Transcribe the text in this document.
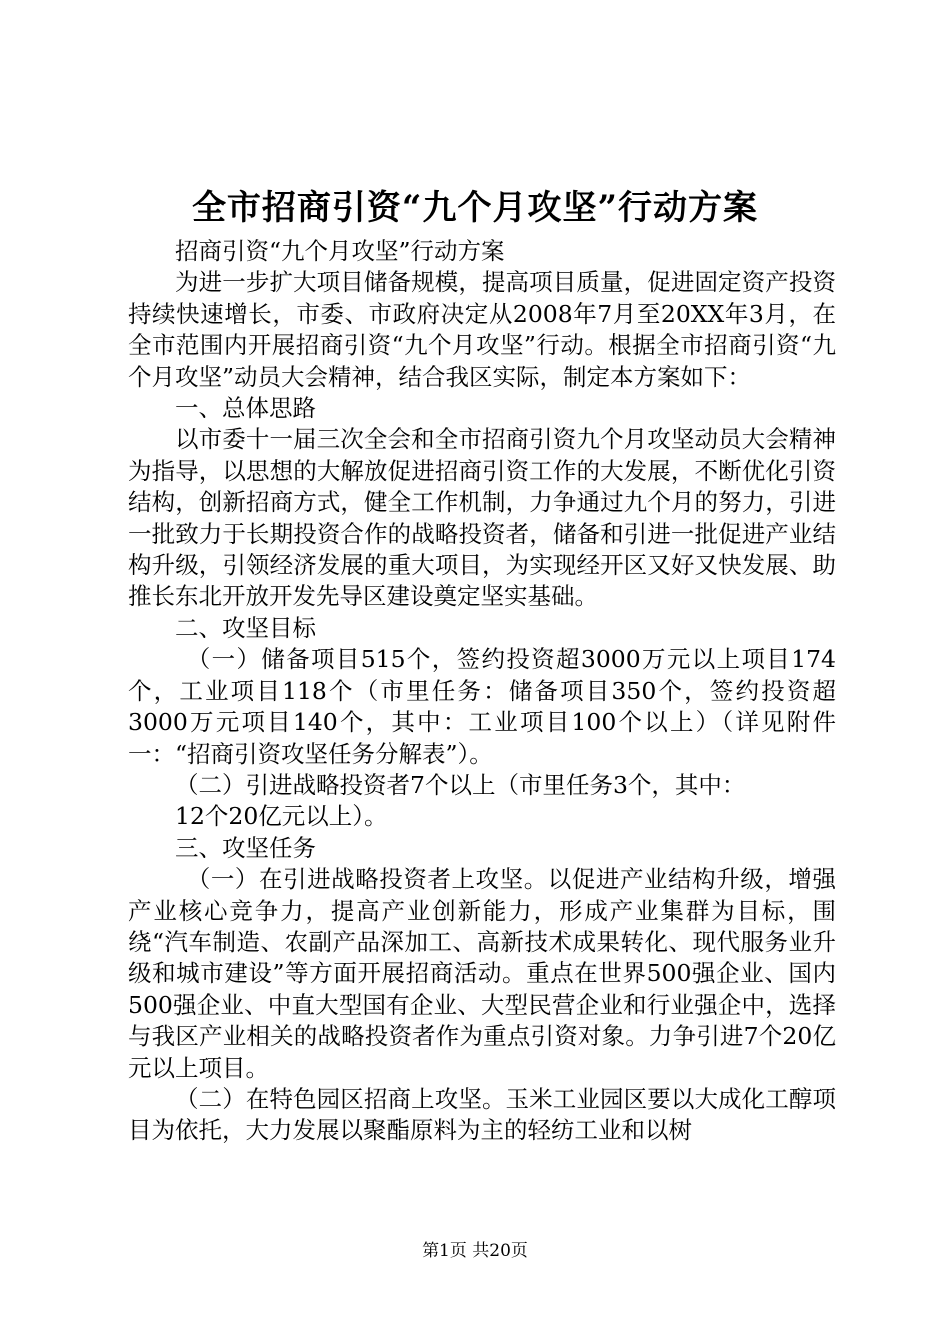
全市招商引资“九个月攻坚”行动方案

招商引资“九个月攻坚”行动方案

为进一步扩大项目储备规模，提高项目质量，促进固定资产投资持续快速增长，市委、市政府决定从2008年7月至20XX年3月，在全市范围内开展招商引资“九个月攻坚”行动。根据全市招商引资“九个月攻坚”动员大会精神，结合我区实际，制定本方案如下：

一、总体思路

以市委十一届三次全会和全市招商引资九个月攻坚动员大会精神为指导，以思想的大解放促进招商引资工作的大发展，不断优化引资结构，创新招商方式，健全工作机制，力争通过九个月的努力，引进一批致力于长期投资合作的战略投资者，储备和引进一批促进产业结构升级，引领经济发展的重大项目，为实现经开区又好又快发展、助推长东北开放开发先导区建设奠定坚实基础。

二、攻坚目标

（一）储备项目515个，签约投资超3000万元以上项目174个，工业项目118个（市里任务：储备项目350个，签约投资超3000万元项目140个，其中：工业项目100个以上）（详见附件一：“招商引资攻坚任务分解表”）。

（二）引进战略投资者7个以上（市里任务3个，其中：

12个20亿元以上）。

三、攻坚任务

（一）在引进战略投资者上攻坚。以促进产业结构升级，增强产业核心竞争力，提高产业创新能力，形成产业集群为目标，围绕“汽车制造、农副产品深加工、高新技术成果转化、现代服务业升级和城市建设”等方面开展招商活动。重点在世界500强企业、国内500强企业、中直大型国有企业、大型民营企业和行业强企中，选择与我区产业相关的战略投资者作为重点引资对象。力争引进7个20亿元以上项目。

（二）在特色园区招商上攻坚。玉米工业园区要以大成化工醇项目为依托，大力发展以聚酯原料为主的轻纺工业和以树

第1页 共20页
